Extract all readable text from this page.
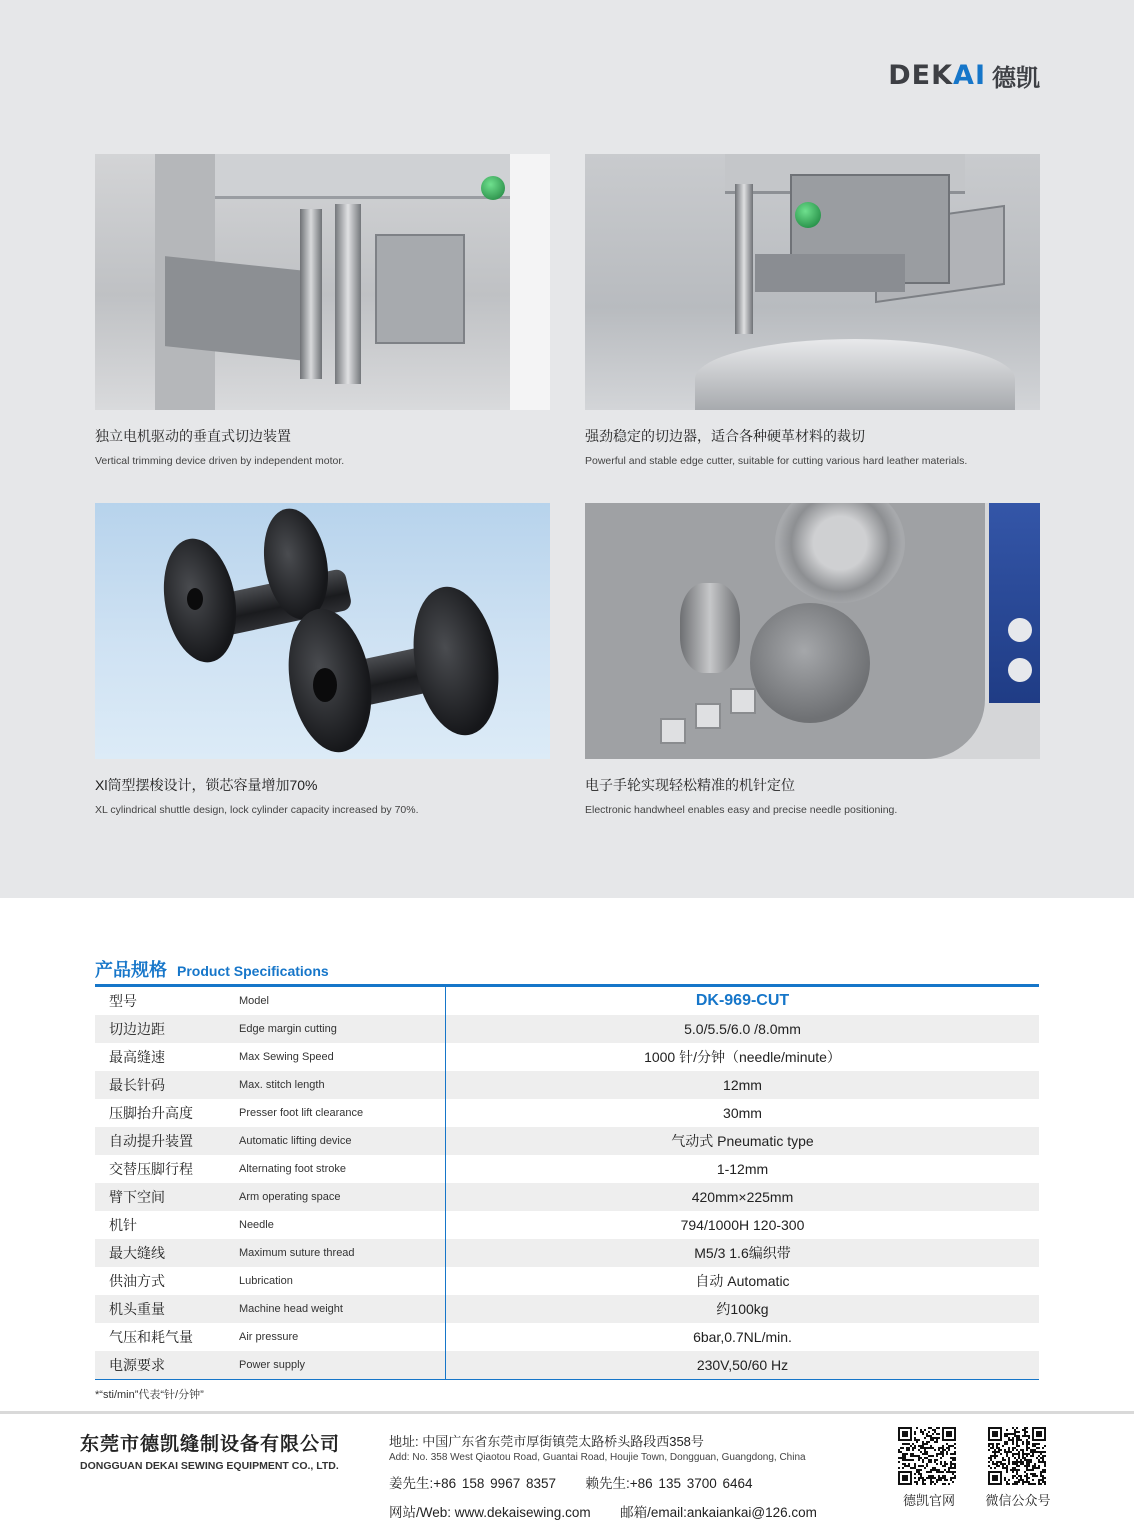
DEKAI 德凯
独立电机驱动的垂直式切边装置
Vertical trimming device driven by independent motor.
强劲稳定的切边器，适合各种硬革材料的裁切
Powerful and stable edge cutter, suitable for cutting various hard leather materials.
Xl筒型摆梭设计，锁芯容量增加70%
XL cylindrical shuttle design, lock cylinder capacity increased by 70%.
电子手轮实现轻松精准的机针定位
Electronic handwheel enables easy and precise needle positioning.
产品规格 Product Specifications
型号	Model	DK-969-CUT
切边边距	Edge margin cutting	5.0/5.5/6.0 /8.0mm
最高缝速	Max Sewing Speed	1000 针/分钟（needle/minute）
最长针码	Max. stitch length	12mm
压脚抬升高度	Presser foot lift clearance	30mm
自动提升装置	Automatic lifting device	气动式 Pneumatic type
交替压脚行程	Alternating foot stroke	1-12mm
臂下空间	Arm operating space	420mm×225mm
机针	Needle	794/1000H 120-300
最大缝线	Maximum suture thread	M5/3 1.6编织带
供油方式	Lubrication	自动 Automatic
机头重量	Machine head weight	约100kg
气压和耗气量	Air pressure	6bar,0.7NL/min.
电源要求	Power supply	230V,50/60 Hz
*“sti/min”代表“针/分钟”
东莞市德凯缝制设备有限公司
DONGGUAN DEKAI SEWING EQUIPMENT CO., LTD.
地址: 中国广东省东莞市厚街镇莞太路桥头路段西358号
Add: No. 358 West Qiaotou Road, Guantai Road, Houjie Town, Dongguan, Guangdong, China
姜先生:+86 158 9967 8357 赖先生:+86 135 3700 6464
网站/Web: www.dekaisewing.com 邮箱/email:ankaiankai@126.com
德凯官网	微信公众号
